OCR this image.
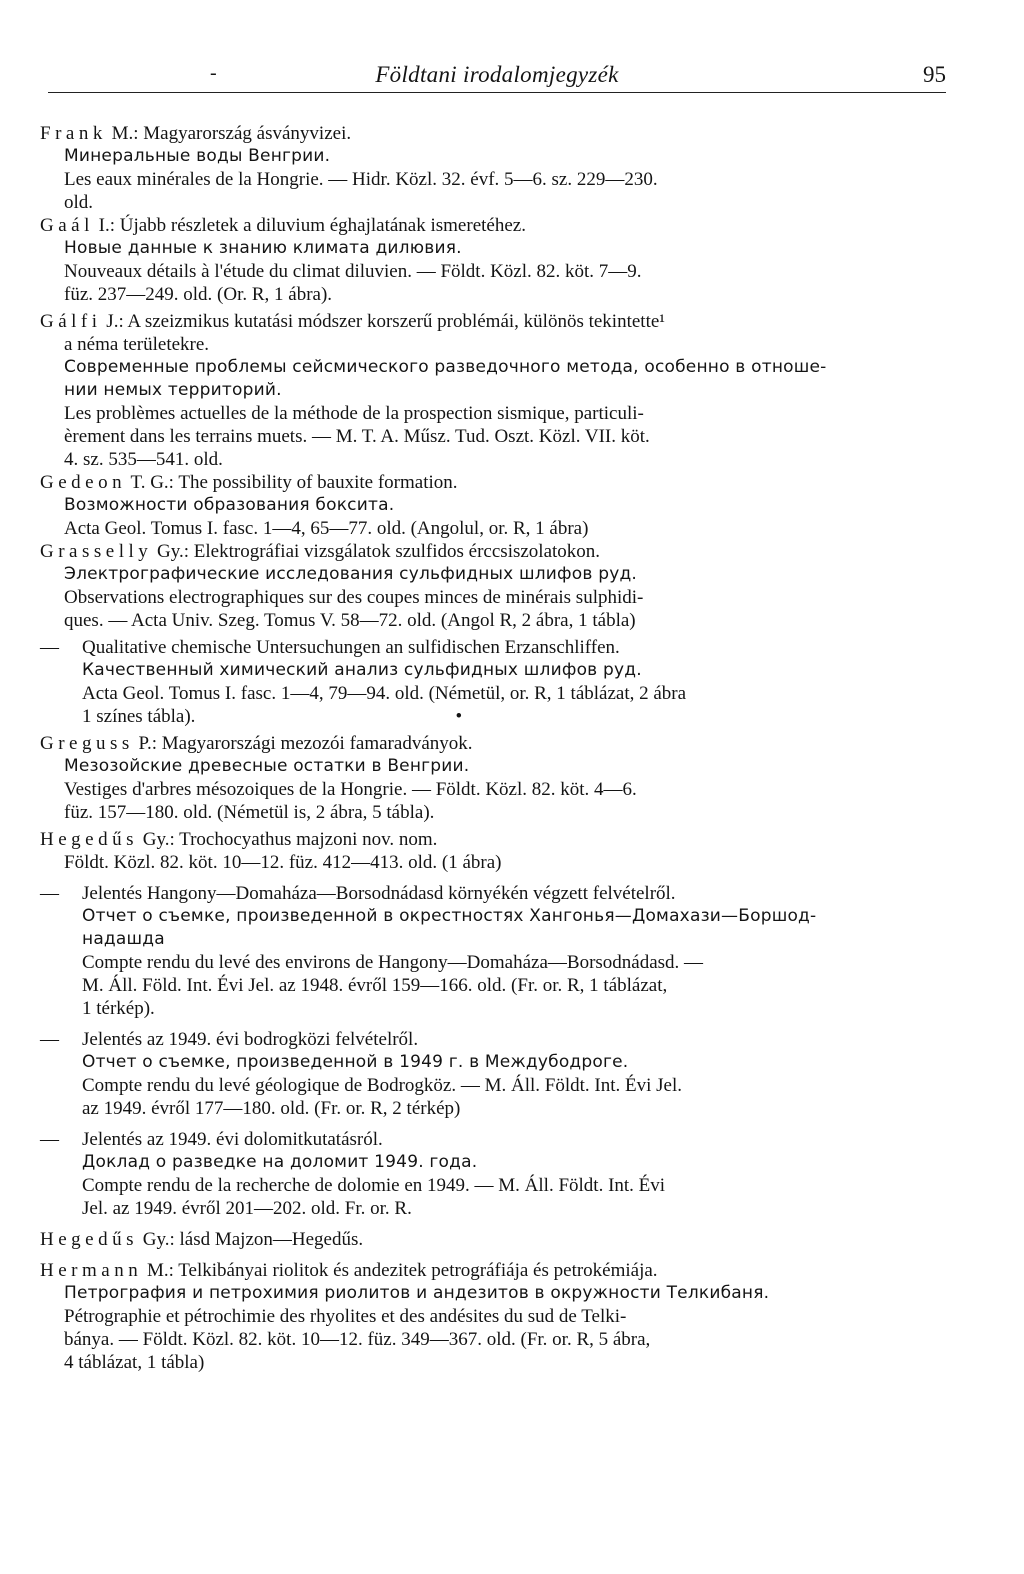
-	Földtani irodalomjegyzék	95

Frank M.: Magyarország ásványvizei.

Минеральные воды Венгрии.

Les eaux minérales de la Hongrie. — Hidr. Közl. 32. évf. 5—6. sz. 229—230.

old.

Gaál I.: Újabb részletek a diluvium éghajlatának ismeretéhez.

Новые данные к знанию климата дилювия.

Nouveaux détails à l'étude du climat diluvien. — Földt. Közl. 82. köt. 7—9.

füz. 237—249. old. (Or. R, 1 ábra).

Gálfi J.: A szeizmikus kutatási módszer korszerű problémái, különös tekintette¹

a néma területekre.

Современные проблемы сейсмического разведочного метода, особенно в отноше-

нии немых территорий.

Les problèmes actuelles de la méthode de la prospection sismique, particuli-

èrement dans les terrains muets. — M. T. A. Műsz. Tud. Oszt. Közl. VII. köt.

4. sz. 535—541. old.

Gedeon T. G.: The possibility of bauxite formation.

Возможности образования боксита.

Acta Geol. Tomus I. fasc. 1—4, 65—77. old. (Angolul, or. R, 1 ábra)

Grasselly Gy.: Elektrográfiai vizsgálatok szulfidos érccsiszolatokon.

Электрографические исследования сульфидных шлифов руд.

Observations electrographiques sur des coupes minces de minérais sulphidi-

ques. — Acta Univ. Szeg. Tomus V. 58—72. old. (Angol R, 2 ábra, 1 tábla)

— Qualitative chemische Untersuchungen an sulfidischen Erzanschliffen.

Качественный химический анализ сульфидных шлифов руд.

Acta Geol. Tomus I. fasc. 1—4, 79—94. old. (Németül, or. R, 1 táblázat, 2 ábra

1 színes tábla).	•

Greguss P.: Magyarországi mezozói famaradványok.

Мезозойские древесные остатки в Венгрии.

Vestiges d'arbres mésozoiques de la Hongrie. — Földt. Közl. 82. köt. 4—6.

füz. 157—180. old. (Németül is, 2 ábra, 5 tábla).

Hegedűs Gy.: Trochocyathus majzoni nov. nom.

Földt. Közl. 82. köt. 10—12. füz. 412—413. old. (1 ábra)

— Jelentés Hangony—Domaháza—Borsodnádasd környékén végzett felvételről.

Отчет о съемке, произведенной в окрестностях Хангонья—Домахази—Боршод-

надашда

Compte rendu du levé des environs de Hangony—Domaháza—Borsodnádasd. —

M. Áll. Föld. Int. Évi Jel. az 1948. évről 159—166. old. (Fr. or. R, 1 táblázat,

1 térkép).

— Jelentés az 1949. évi bodrogközi felvételről.

Отчет о съемке, произведенной в 1949 г. в Междубодроге.

Compte rendu du levé géologique de Bodrogköz. — M. Áll. Földt. Int. Évi Jel.

az 1949. évről 177—180. old. (Fr. or. R, 2 térkép)

— Jelentés az 1949. évi dolomitkutatásról.

Доклад о разведке на доломит 1949. года.

Compte rendu de la recherche de dolomie en 1949. — M. Áll. Földt. Int. Évi

Jel. az 1949. évről 201—202. old. Fr. or. R.

Hegedűs Gy.: lásd Majzon—Hegedűs.

Hermann M.: Telkibányai riolitok és andezitek petrográfiája és petrokémiája.

Петрография и петрохимия риолитов и андезитов в окружности Телкибаня.

Pétrographie et pétrochimie des rhyolites et des andésites du sud de Telki-

bánya. — Földt. Közl. 82. köt. 10—12. füz. 349—367. old. (Fr. or. R, 5 ábra,

4 táblázat, 1 tábla)
